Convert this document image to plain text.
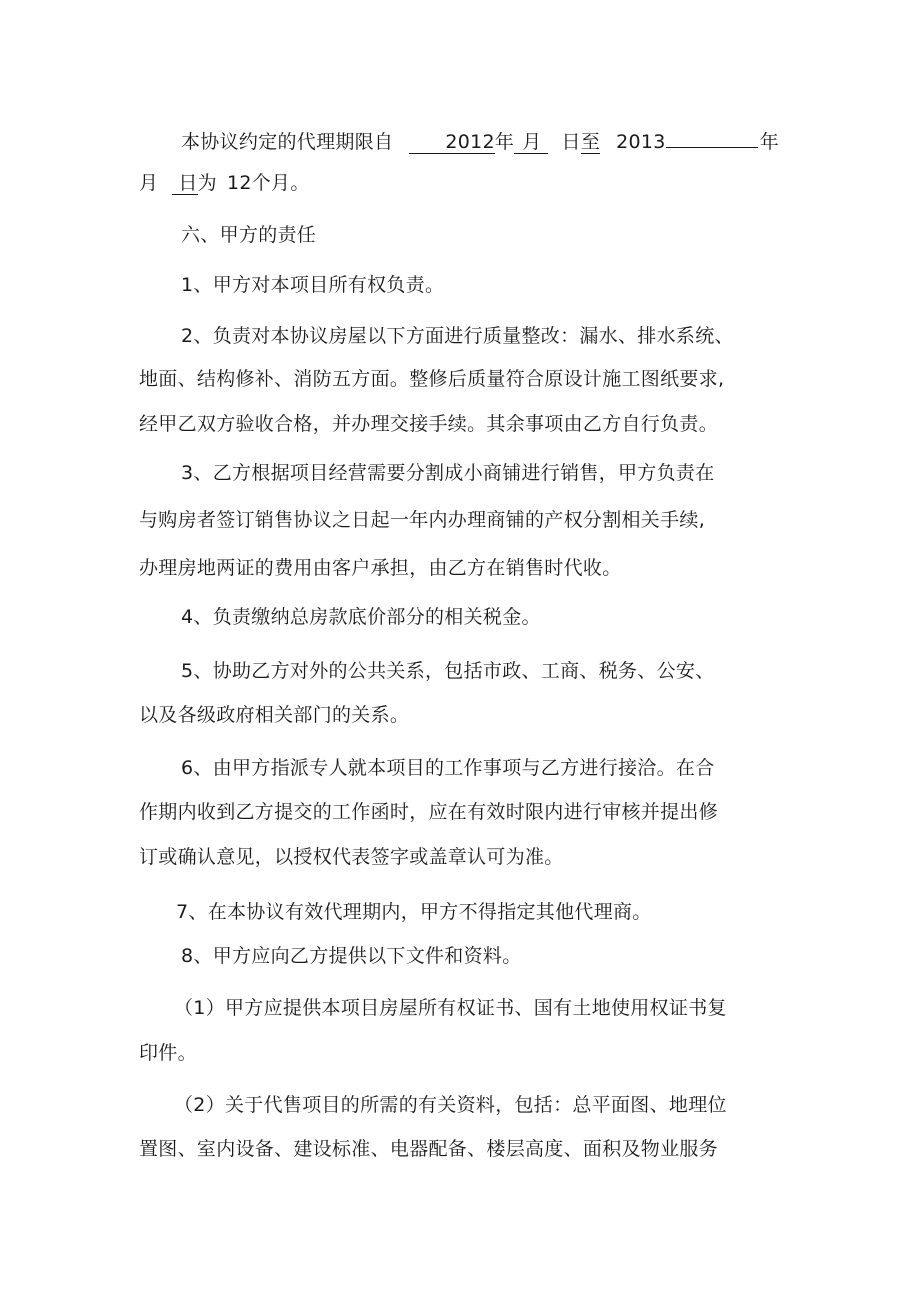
本协议约定的代理期限自	2012年 月 日至 2013	年
月 日为 12个月。
六、甲方的责任
1、甲方对本项目所有权负责。
2、负责对本协议房屋以下方面进行质量整改：漏水、排水系统、
地面、结构修补、消防五方面。整修后质量符合原设计施工图纸要求,
经甲乙双方验收合格，并办理交接手续。其余事项由乙方自行负责。
3、乙方根据项目经营需要分割成小商铺进行销售，甲方负责在
与购房者签订销售协议之日起一年内办理商铺的产权分割相关手续,
办理房地两证的费用由客户承担，由乙方在销售时代收。
4、负责缴纳总房款底价部分的相关税金。
5、协助乙方对外的公共关系，包括市政、工商、税务、公安、
以及各级政府相关部门的关系。
6、由甲方指派专人就本项目的工作事项与乙方进行接洽。在合
作期内收到乙方提交的工作函时，应在有效时限内进行审核并提出修
订或确认意见，以授权代表签字或盖章认可为准。
7、在本协议有效代理期内，甲方不得指定其他代理商。
8、甲方应向乙方提供以下文件和资料。
（1）甲方应提供本项目房屋所有权证书、国有土地使用权证书复
印件。
（2）关于代售项目的所需的有关资料，包括：总平面图、地理位
置图、室内设备、建设标准、电器配备、楼层高度、面积及物业服务
